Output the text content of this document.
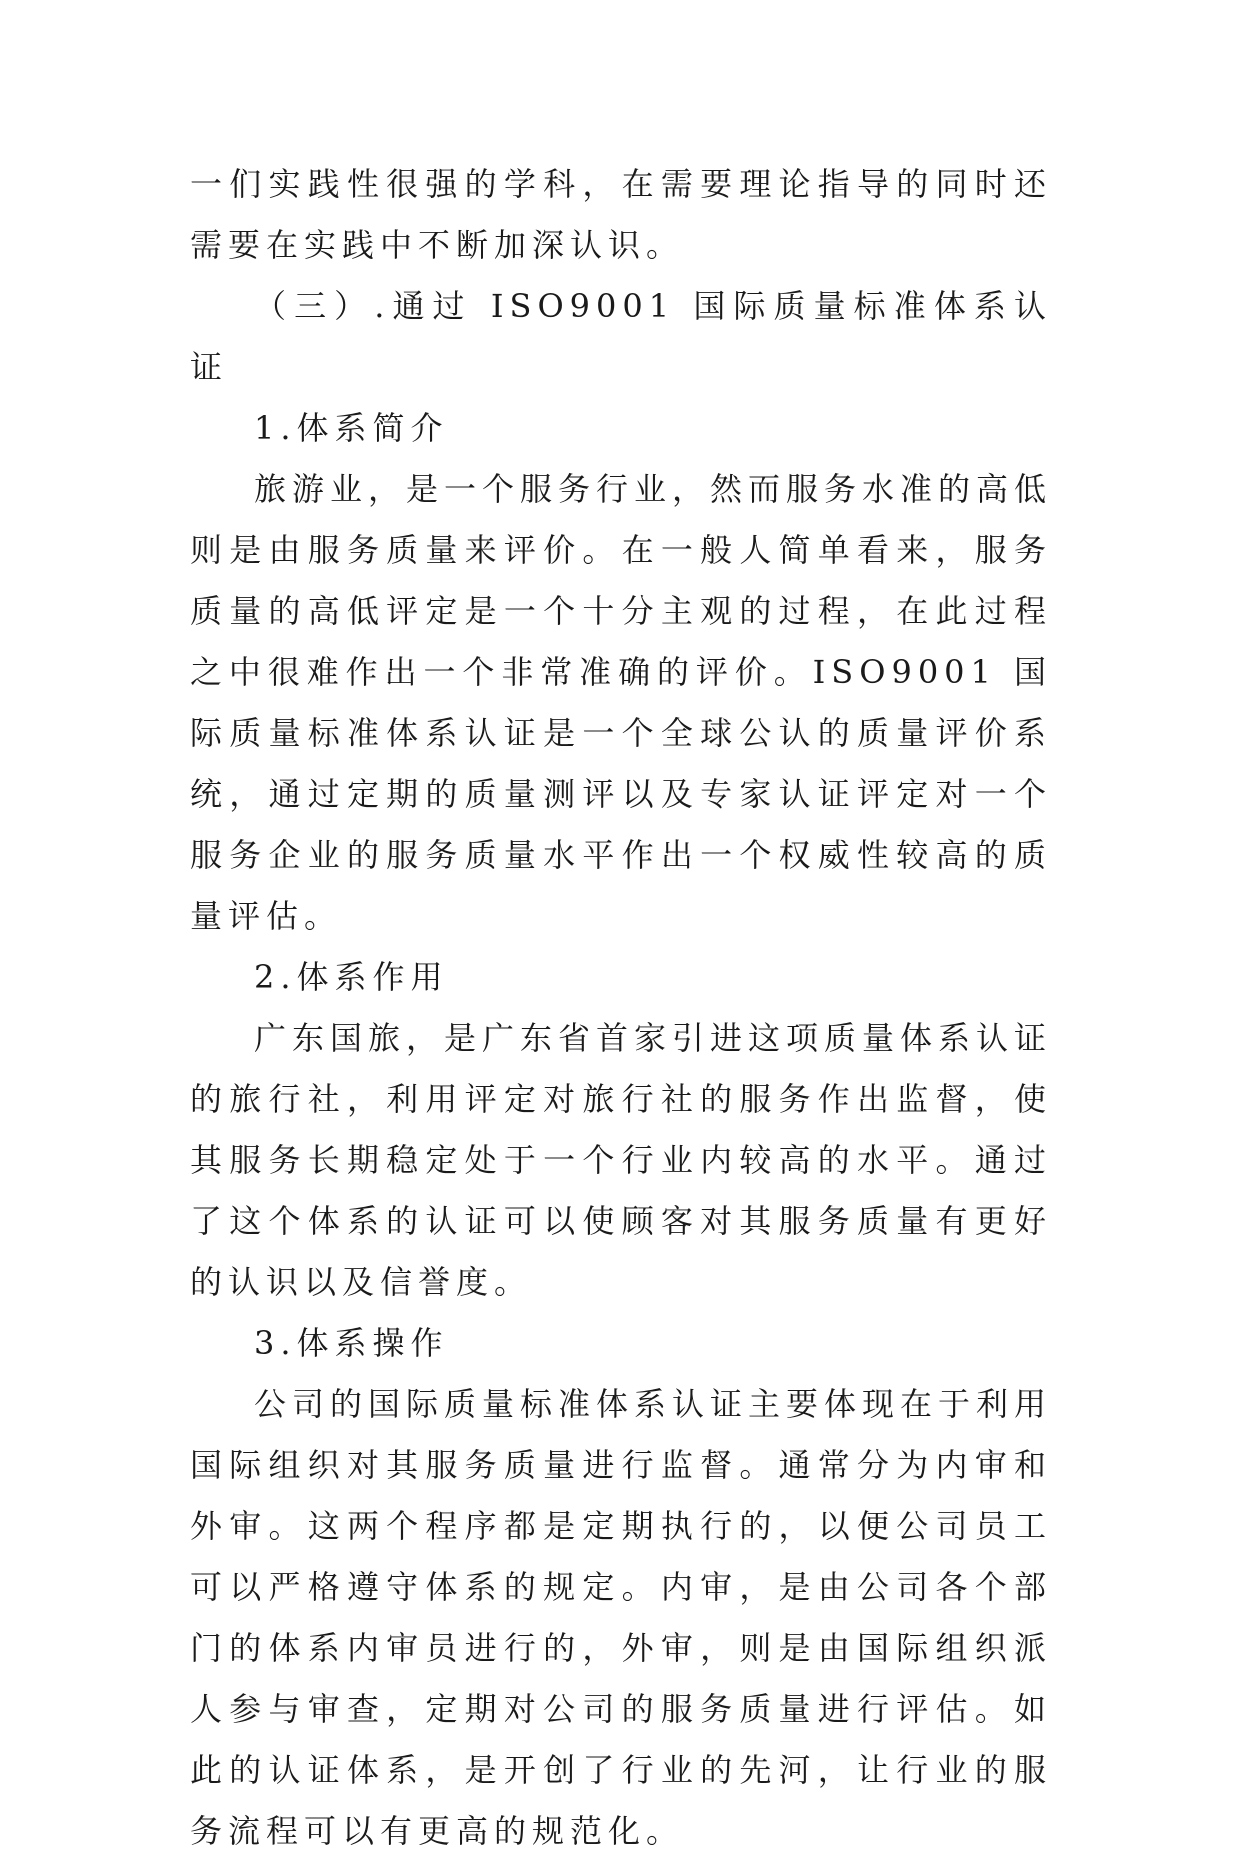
一们实践性很强的学科，在需要理论指导的同时还需要在实践中不断加深认识。

（三）.通过 ISO9001 国际质量标准体系认证

1.体系简介

旅游业，是一个服务行业，然而服务水准的高低则是由服务质量来评价。在一般人简单看来，服务质量的高低评定是一个十分主观的过程，在此过程之中很难作出一个非常准确的评价。ISO9001 国际质量标准体系认证是一个全球公认的质量评价系统，通过定期的质量测评以及专家认证评定对一个服务企业的服务质量水平作出一个权威性较高的质量评估。

2.体系作用

广东国旅，是广东省首家引进这项质量体系认证的旅行社，利用评定对旅行社的服务作出监督，使其服务长期稳定处于一个行业内较高的水平。通过了这个体系的认证可以使顾客对其服务质量有更好的认识以及信誉度。

3.体系操作

公司的国际质量标准体系认证主要体现在于利用国际组织对其服务质量进行监督。通常分为内审和外审。这两个程序都是定期执行的，以便公司员工可以严格遵守体系的规定。内审，是由公司各个部门的体系内审员进行的，外审，则是由国际组织派人参与审查，定期对公司的服务质量进行评估。如此的认证体系，是开创了行业的先河，让行业的服务流程可以有更高的规范化。
